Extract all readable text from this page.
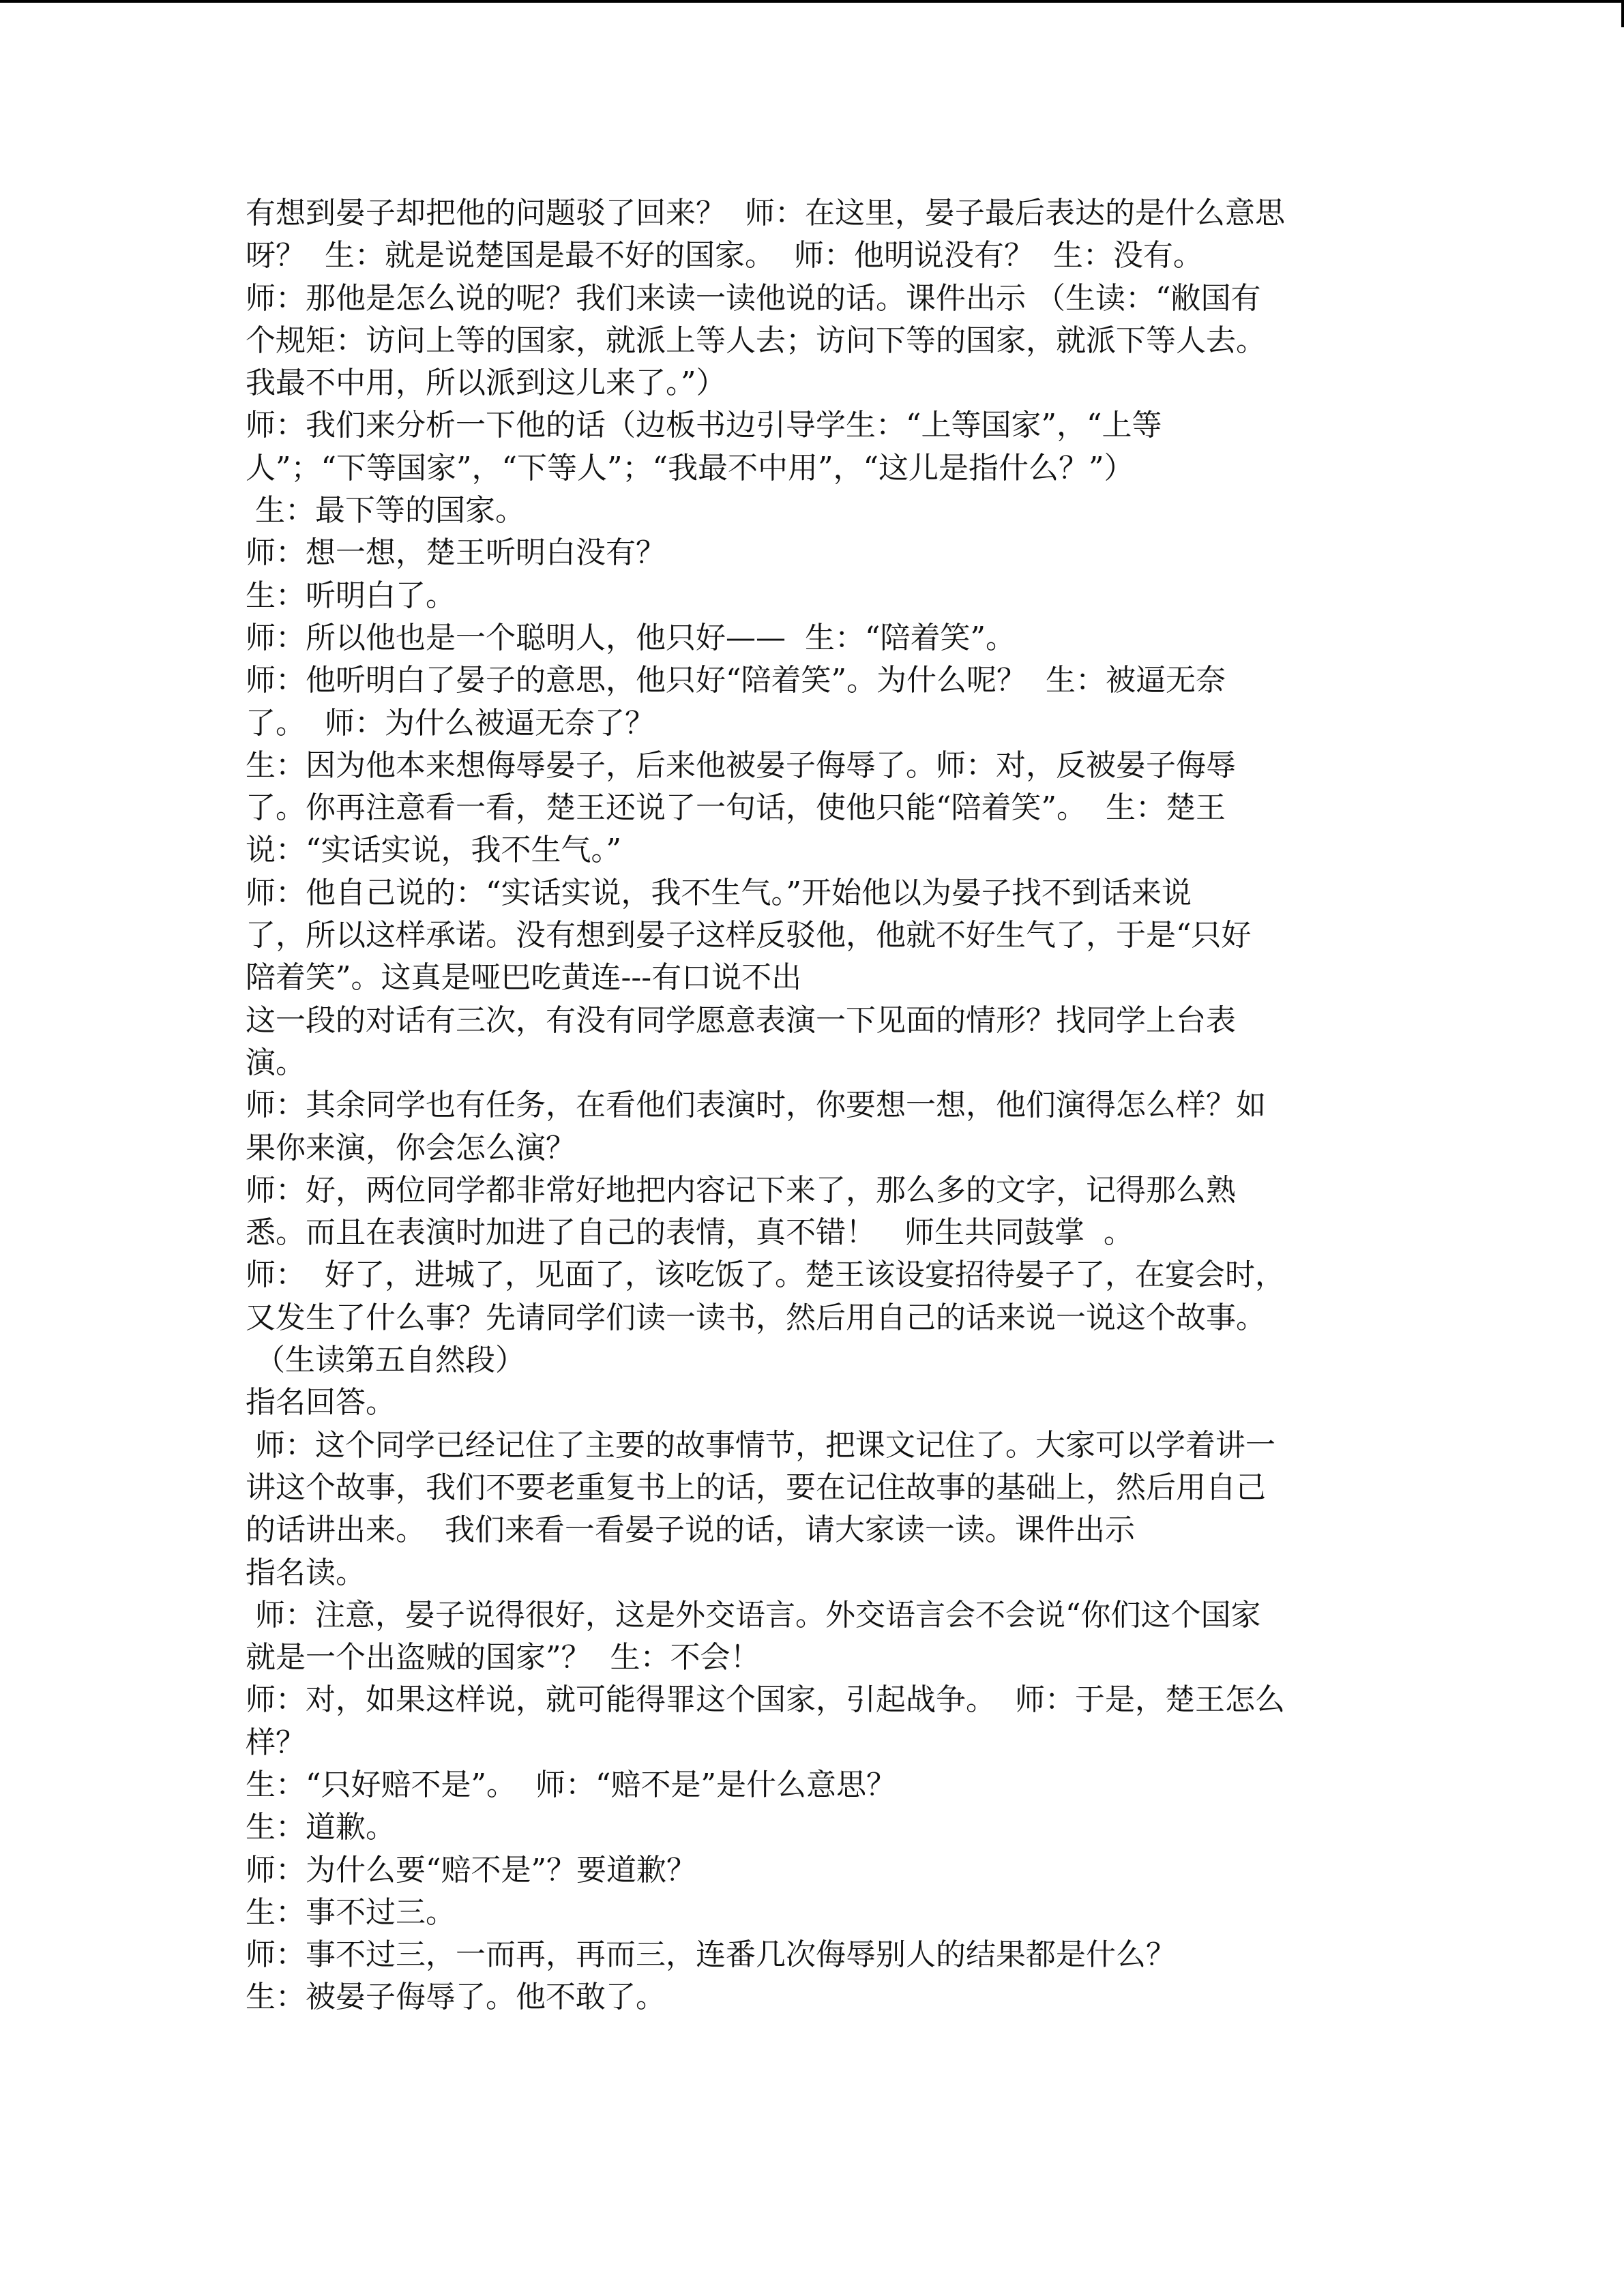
有想到晏子却把他的问题驳了回来？  师：在这里，晏子最后表达的是什么意思
呀？  生：就是说楚国是最不好的国家。  师：他明说没有？  生：没有。
师：那他是怎么说的呢？我们来读一读他说的话。课件出示 （生读：“敝国有
个规矩：访问上等的国家，就派上等人去；访问下等的国家，就派下等人去。
我最不中用，所以派到这儿来了。”）
师：我们来分析一下他的话（边板书边引导学生：“上等国家”，“上等
人”；“下等国家”，“下等人”；“我最不中用”，“这儿是指什么？”）
生：最下等的国家。
师：想一想，楚王听明白没有？
生：听明白了。
师：所以他也是一个聪明人，他只好——  生：“陪着笑”。
师：他听明白了晏子的意思，他只好“陪着笑”。为什么呢？  生：被逼无奈
了。  师：为什么被逼无奈了？
生：因为他本来想侮辱晏子，后来他被晏子侮辱了。师：对，反被晏子侮辱
了。你再注意看一看，楚王还说了一句话，使他只能“陪着笑”。  生：楚王
说：“实话实说，我不生气。”
师：他自己说的：“实话实说，我不生气。”开始他以为晏子找不到话来说
了，所以这样承诺。没有想到晏子这样反驳他，他就不好生气了，于是“只好
陪着笑”。这真是哑巴吃黄连---有口说不出
这一段的对话有三次，有没有同学愿意表演一下见面的情形？找同学上台表
演。
师：其余同学也有任务，在看他们表演时，你要想一想，他们演得怎么样？如
果你来演，你会怎么演？
师：好，两位同学都非常好地把内容记下来了，那么多的文字，记得那么熟
悉。而且在表演时加进了自己的表情，真不错！   师生共同鼓掌  。
师：  好了，进城了，见面了，该吃饭了。楚王该设宴招待晏子了，在宴会时，
又发生了什么事？先请同学们读一读书，然后用自己的话来说一说这个故事。
（生读第五自然段）
指名回答。
师：这个同学已经记住了主要的故事情节，把课文记住了。大家可以学着讲一
讲这个故事，我们不要老重复书上的话，要在记住故事的基础上，然后用自己
的话讲出来。  我们来看一看晏子说的话，请大家读一读。课件出示
指名读。
师：注意，晏子说得很好，这是外交语言。外交语言会不会说“你们这个国家
就是一个出盗贼的国家”？  生：不会！
师：对，如果这样说，就可能得罪这个国家，引起战争。  师：于是，楚王怎么
样？
生：“只好赔不是”。  师：“赔不是”是什么意思？
生：道歉。
师：为什么要“赔不是”？要道歉？
生：事不过三。
师：事不过三，一而再，再而三，连番几次侮辱别人的结果都是什么？
生：被晏子侮辱了。他不敢了。
